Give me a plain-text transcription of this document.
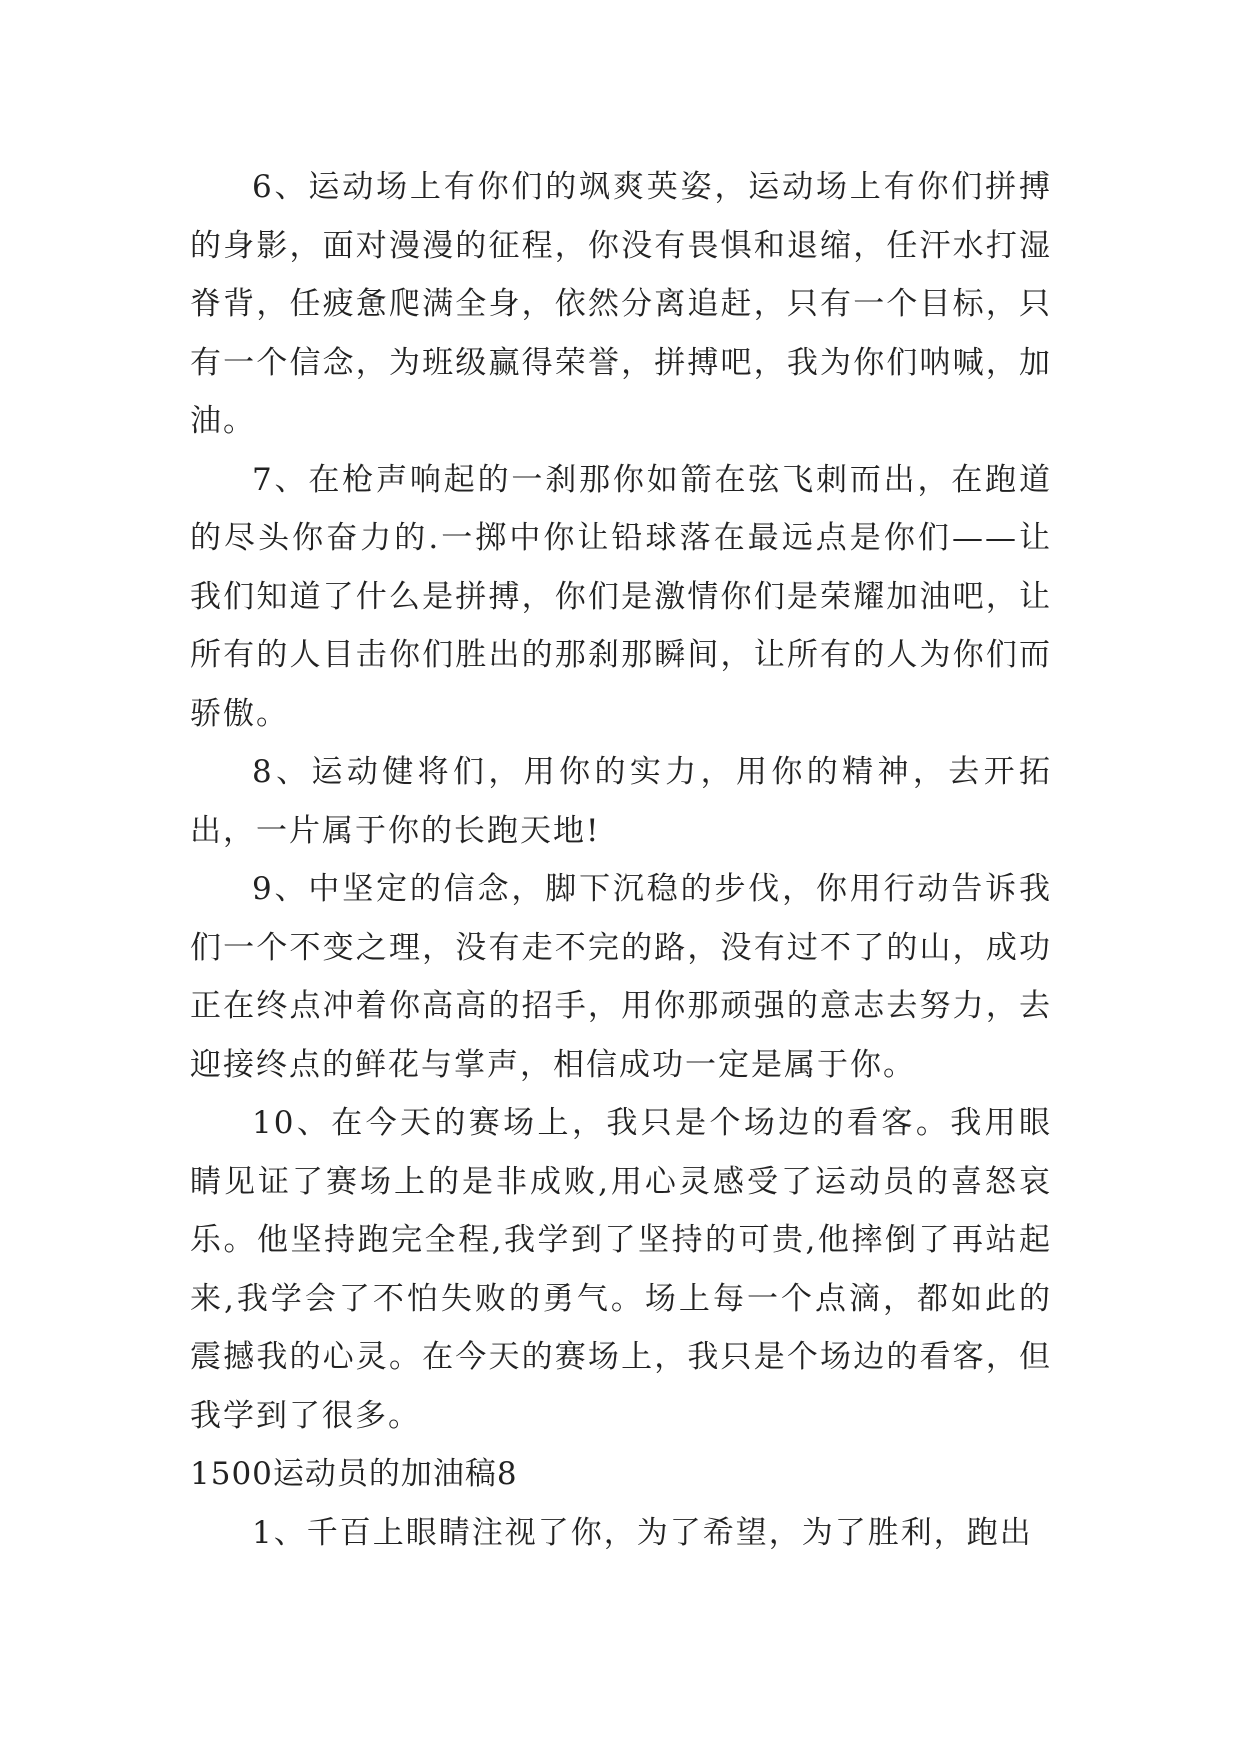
6、运动场上有你们的飒爽英姿，运动场上有你们拼搏的身影，面对漫漫的征程，你没有畏惧和退缩，任汗水打湿脊背，任疲惫爬满全身，依然分离追赶，只有一个目标，只有一个信念，为班级赢得荣誉，拼搏吧，我为你们呐喊，加油。

7、在枪声响起的一刹那你如箭在弦飞刺而出，在跑道的尽头你奋力的.一掷中你让铅球落在最远点是你们——让我们知道了什么是拼搏，你们是激情你们是荣耀加油吧，让所有的人目击你们胜出的那刹那瞬间，让所有的人为你们而骄傲。

8、运动健将们，用你的实力，用你的精神，去开拓出，一片属于你的长跑天地!

9、中坚定的信念，脚下沉稳的步伐，你用行动告诉我们一个不变之理，没有走不完的路，没有过不了的山，成功正在终点冲着你高高的招手，用你那顽强的意志去努力，去迎接终点的鲜花与掌声，相信成功一定是属于你。

10、在今天的赛场上，我只是个场边的看客。我用眼睛见证了赛场上的是非成败,用心灵感受了运动员的喜怒哀乐。他坚持跑完全程,我学到了坚持的可贵,他摔倒了再站起来,我学会了不怕失败的勇气。场上每一个点滴，都如此的震撼我的心灵。在今天的赛场上，我只是个场边的看客，但我学到了很多。

1500运动员的加油稿8

1、千百上眼睛注视了你，为了希望，为了胜利，跑出
